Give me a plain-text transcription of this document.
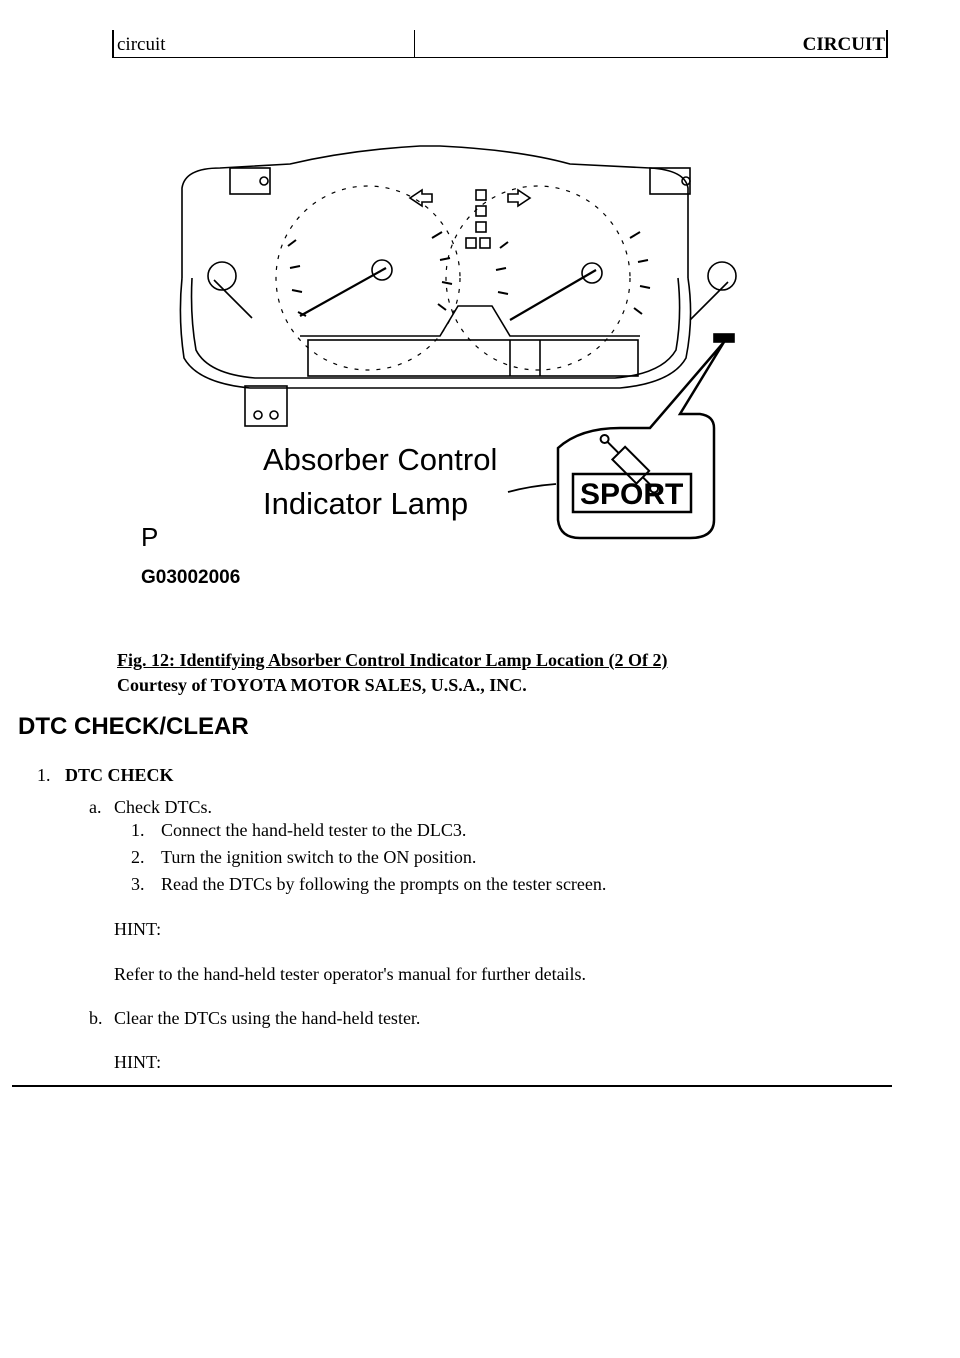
circuit	CIRCUIT
SPORT
Absorber Control
Indicator Lamp
P
G03002006
Fig. 12: Identifying Absorber Control Indicator Lamp Location (2 Of 2)
Courtesy of TOYOTA MOTOR SALES, U.S.A., INC.
DTC CHECK/CLEAR
1. DTC CHECK
a. Check DTCs.
1. Connect the hand-held tester to the DLC3.
2. Turn the ignition switch to the ON position.
3. Read the DTCs by following the prompts on the tester screen.
HINT:
Refer to the hand-held tester operator's manual for further details.
b. Clear the DTCs using the hand-held tester.
HINT:
